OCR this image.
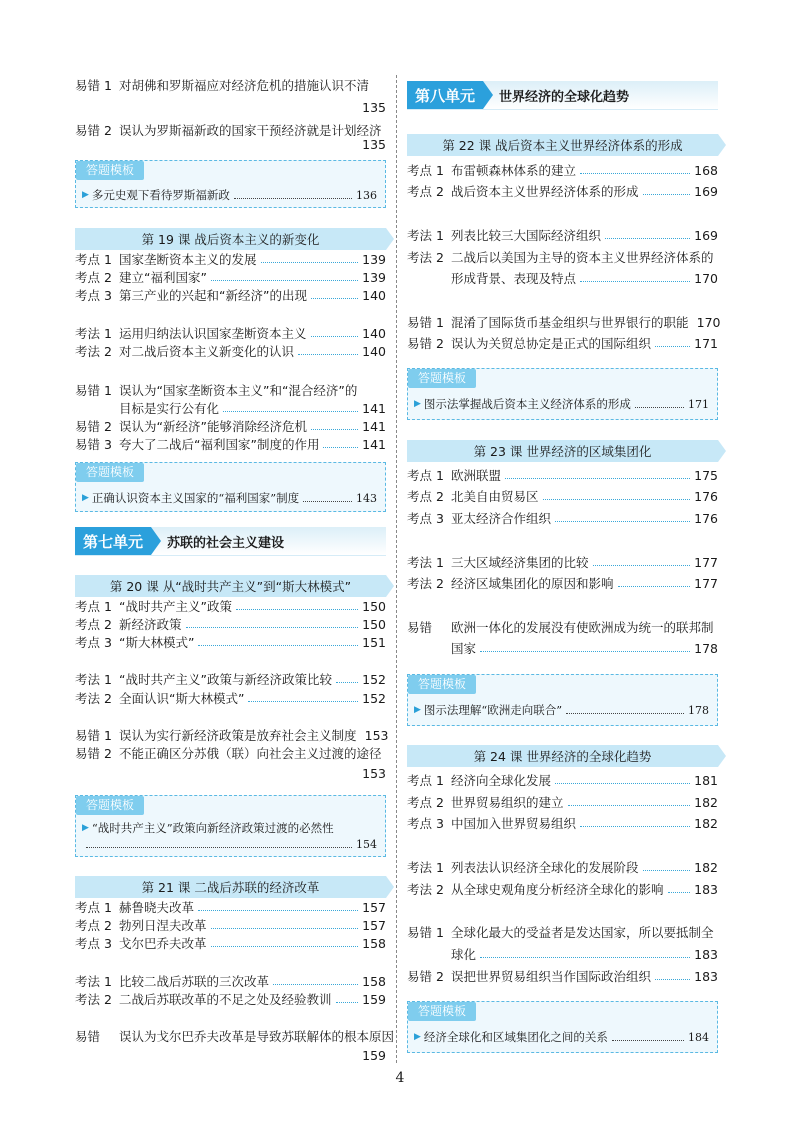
易错 1 对胡佛和罗斯福应对经济危机的措施认识不清
135
易错 2 误认为罗斯福新政的国家干预经济就是计划经济
135
答题模板
▶ 多元史观下看待罗斯福新政	136
第 19 课 战后资本主义的新变化
考点 1 国家垄断资本主义的发展	139
考点 2 建立“福利国家”	139
考点 3 第三产业的兴起和“新经济”的出现	140
考法 1 运用归纳法认识国家垄断资本主义	140
考法 2 对二战后资本主义新变化的认识	140
易错 1 误认为“国家垄断资本主义”和“混合经济”的
目标是实行公有化	141
易错 2 误认为“新经济”能够消除经济危机	141
易错 3 夸大了二战后“福利国家”制度的作用	141
答题模板
▶ 正确认识资本主义国家的“福利国家”制度	143
第七单元	苏联的社会主义建设
第 20 课 从“战时共产主义”到“斯大林模式”
考点 1 “战时共产主义”政策	150
考点 2 新经济政策	150
考点 3 “斯大林模式”	151
考法 1 “战时共产主义”政策与新经济政策比较 152
考法 2 全面认识“斯大林模式”	152
易错 1 误认为实行新经济政策是放弃社会主义制度 153
易错 2 不能正确区分苏俄（联）向社会主义过渡的途径
153
答题模板
▶ “战时共产主义”政策向新经济政策过渡的必然性
154
第 21 课 二战后苏联的经济改革
考点 1 赫鲁晓夫改革	157
考点 2 勃列日涅夫改革	157
考点 3 戈尔巴乔夫改革	158
考法 1 比较二战后苏联的三次改革	158
考法 2 二战后苏联改革的不足之处及经验教训 159
易错	误认为戈尔巴乔夫改革是导致苏联解体的根本原因
159
第八单元	世界经济的全球化趋势
第 22 课 战后资本主义世界经济体系的形成
考点 1 布雷顿森林体系的建立	168
考点 2 战后资本主义世界经济体系的形成	169
考法 1 列表比较三大国际经济组织	169
考法 2 二战后以美国为主导的资本主义世界经济体系的
形成背景、表现及特点	170
易错 1 混淆了国际货币基金组织与世界银行的职能 170
易错 2 误认为关贸总协定是正式的国际组织	171
答题模板
▶ 图示法掌握战后资本主义经济体系的形成	171
第 23 课 世界经济的区域集团化
考点 1 欧洲联盟	175
考点 2 北美自由贸易区	176
考点 3 亚太经济合作组织	176
考法 1 三大区域经济集团的比较	177
考法 2 经济区域集团化的原因和影响	177
易错	欧洲一体化的发展没有使欧洲成为统一的联邦制
国家	178
答题模板
▶ 图示法理解“欧洲走向联合”	178
第 24 课 世界经济的全球化趋势
考点 1 经济向全球化发展	181
考点 2 世界贸易组织的建立	182
考点 3 中国加入世界贸易组织	182
考法 1 列表法认识经济全球化的发展阶段	182
考法 2 从全球史观角度分析经济全球化的影响 183
易错 1 全球化最大的受益者是发达国家，所以要抵制全
球化	183
易错 2 误把世界贸易组织当作国际政治组织	183
答题模板
▶ 经济全球化和区域集团化之间的关系	184
4
